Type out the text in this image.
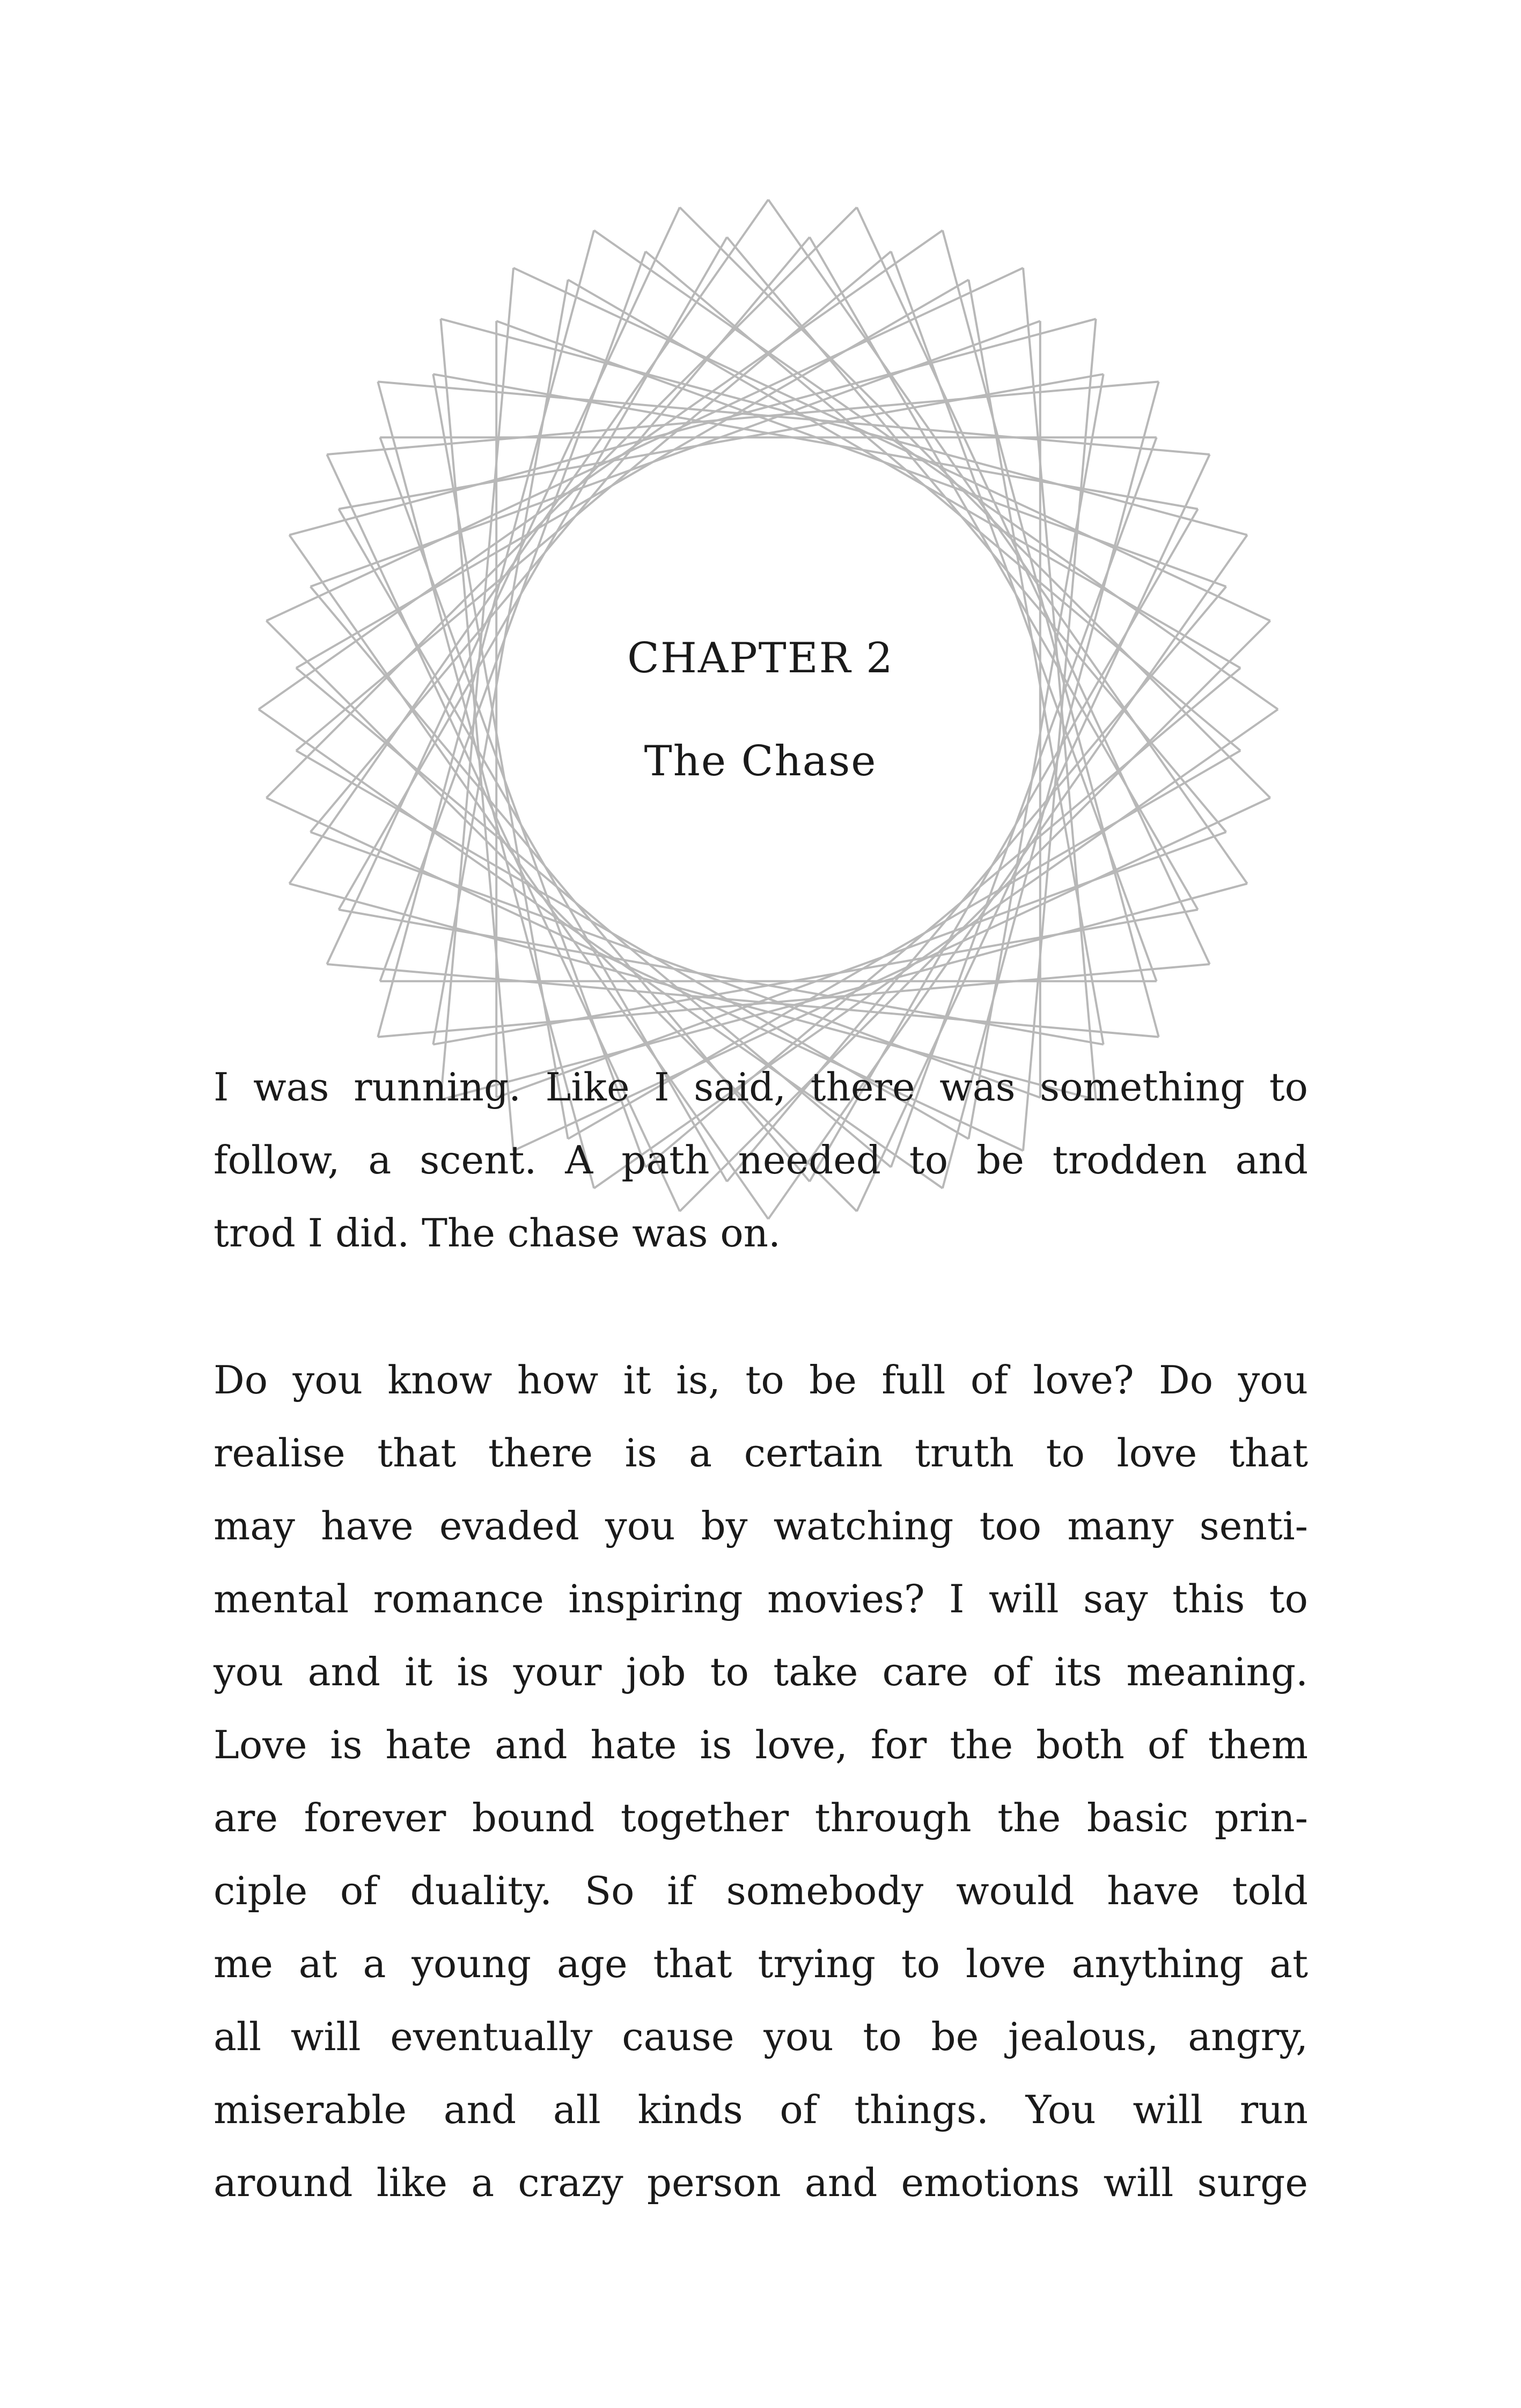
CHAPTER 2
The Chase
I was running. Like I said, there was something to
follow, a scent. A path needed to be trodden and
trod I did. The chase was on.
Do you know how it is, to be full of love? Do you
realise that there is a certain truth to love that
may have evaded you by watching too many senti-
mental romance inspiring movies? I will say this to
you and it is your job to take care of its meaning.
Love is hate and hate is love, for the both of them
are forever bound together through the basic prin-
ciple of duality. So if somebody would have told
me at a young age that trying to love anything at
all will eventually cause you to be jealous, angry,
miserable and all kinds of things. You will run
around like a crazy person and emotions will surge
